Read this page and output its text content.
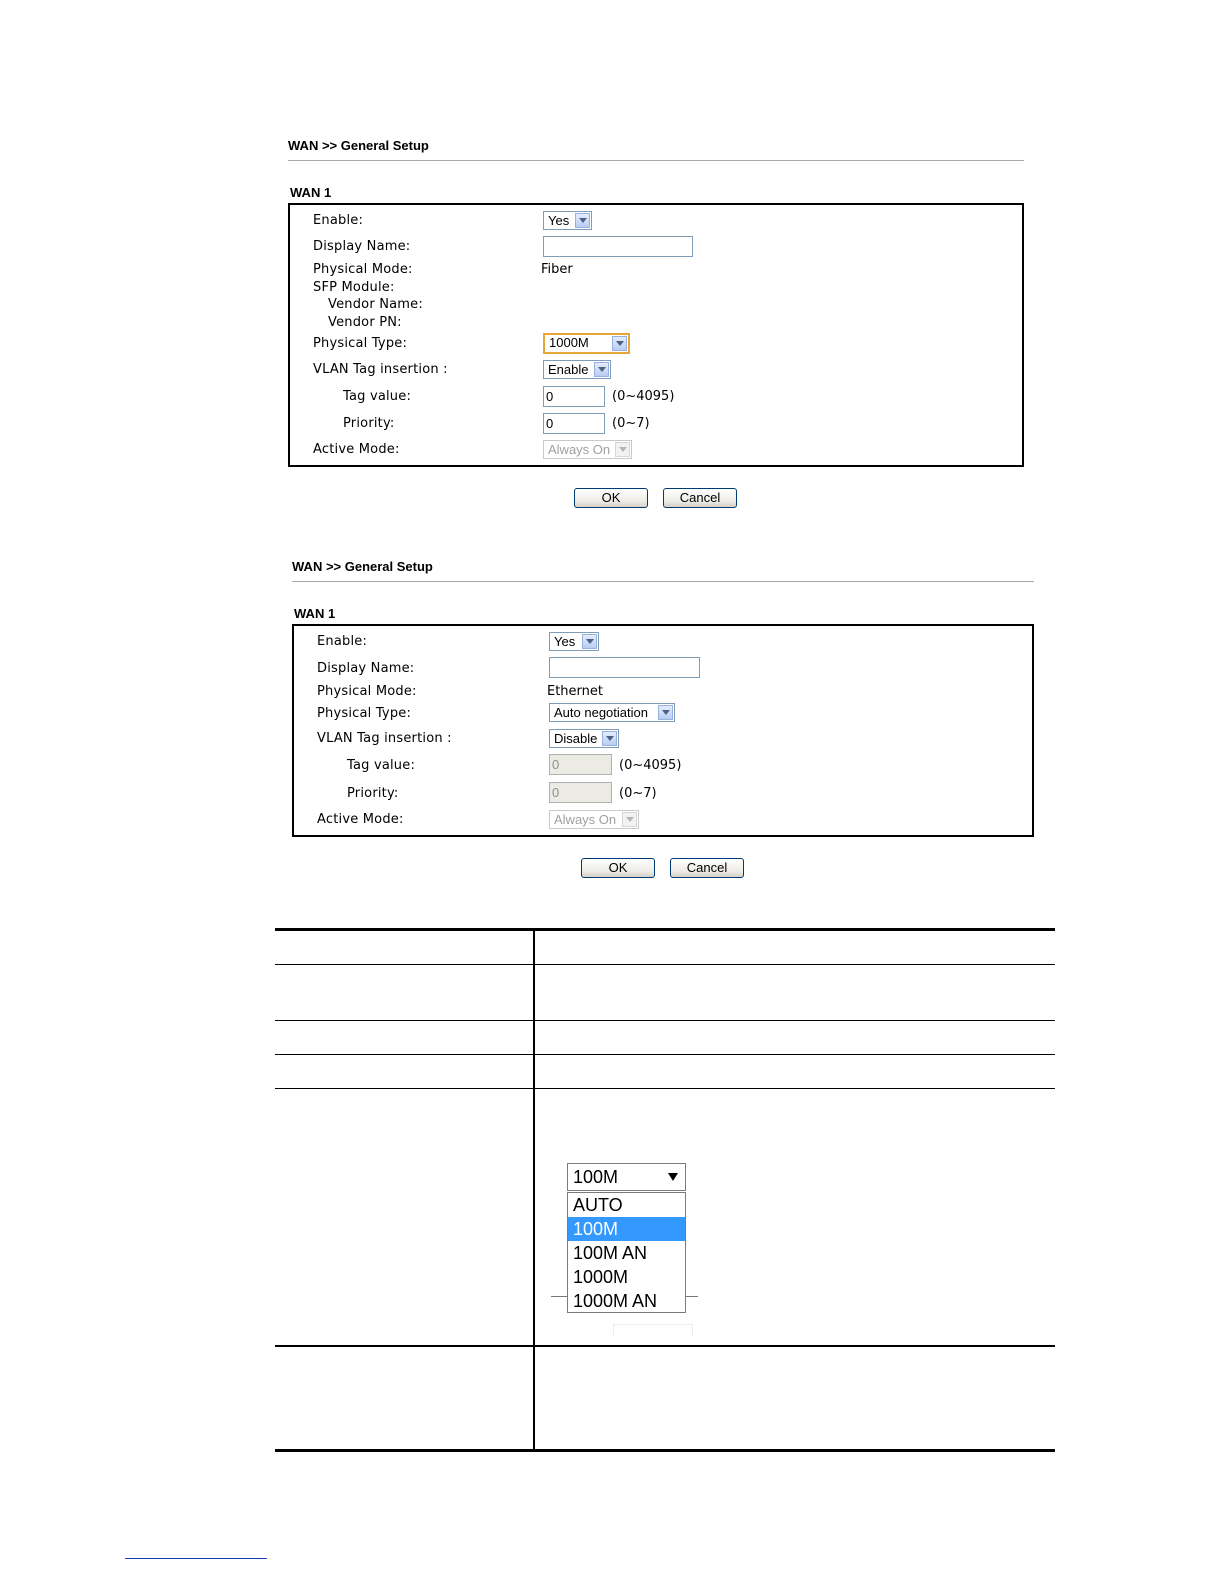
WAN >> General Setup
WAN 1
Enable:	Yes
Display Name:
Physical Mode:	Fiber
SFP Module:
Vendor Name:
Vendor PN:
Physical Type:	1000M
VLAN Tag insertion :	Enable
Tag value:	0	(0~4095)
Priority:	0	(0~7)
Active Mode:	Always On
OK	Cancel
WAN >> General Setup
WAN 1
Enable:	Yes
Display Name:
Physical Mode:	Ethernet
Physical Type:	Auto negotiation
VLAN Tag insertion :	Disable
Tag value:	0	(0~4095)
Priority:	0	(0~7)
Active Mode:	Always On
OK	Cancel
100M
AUTO
100M
100M AN
1000M
1000M AN
